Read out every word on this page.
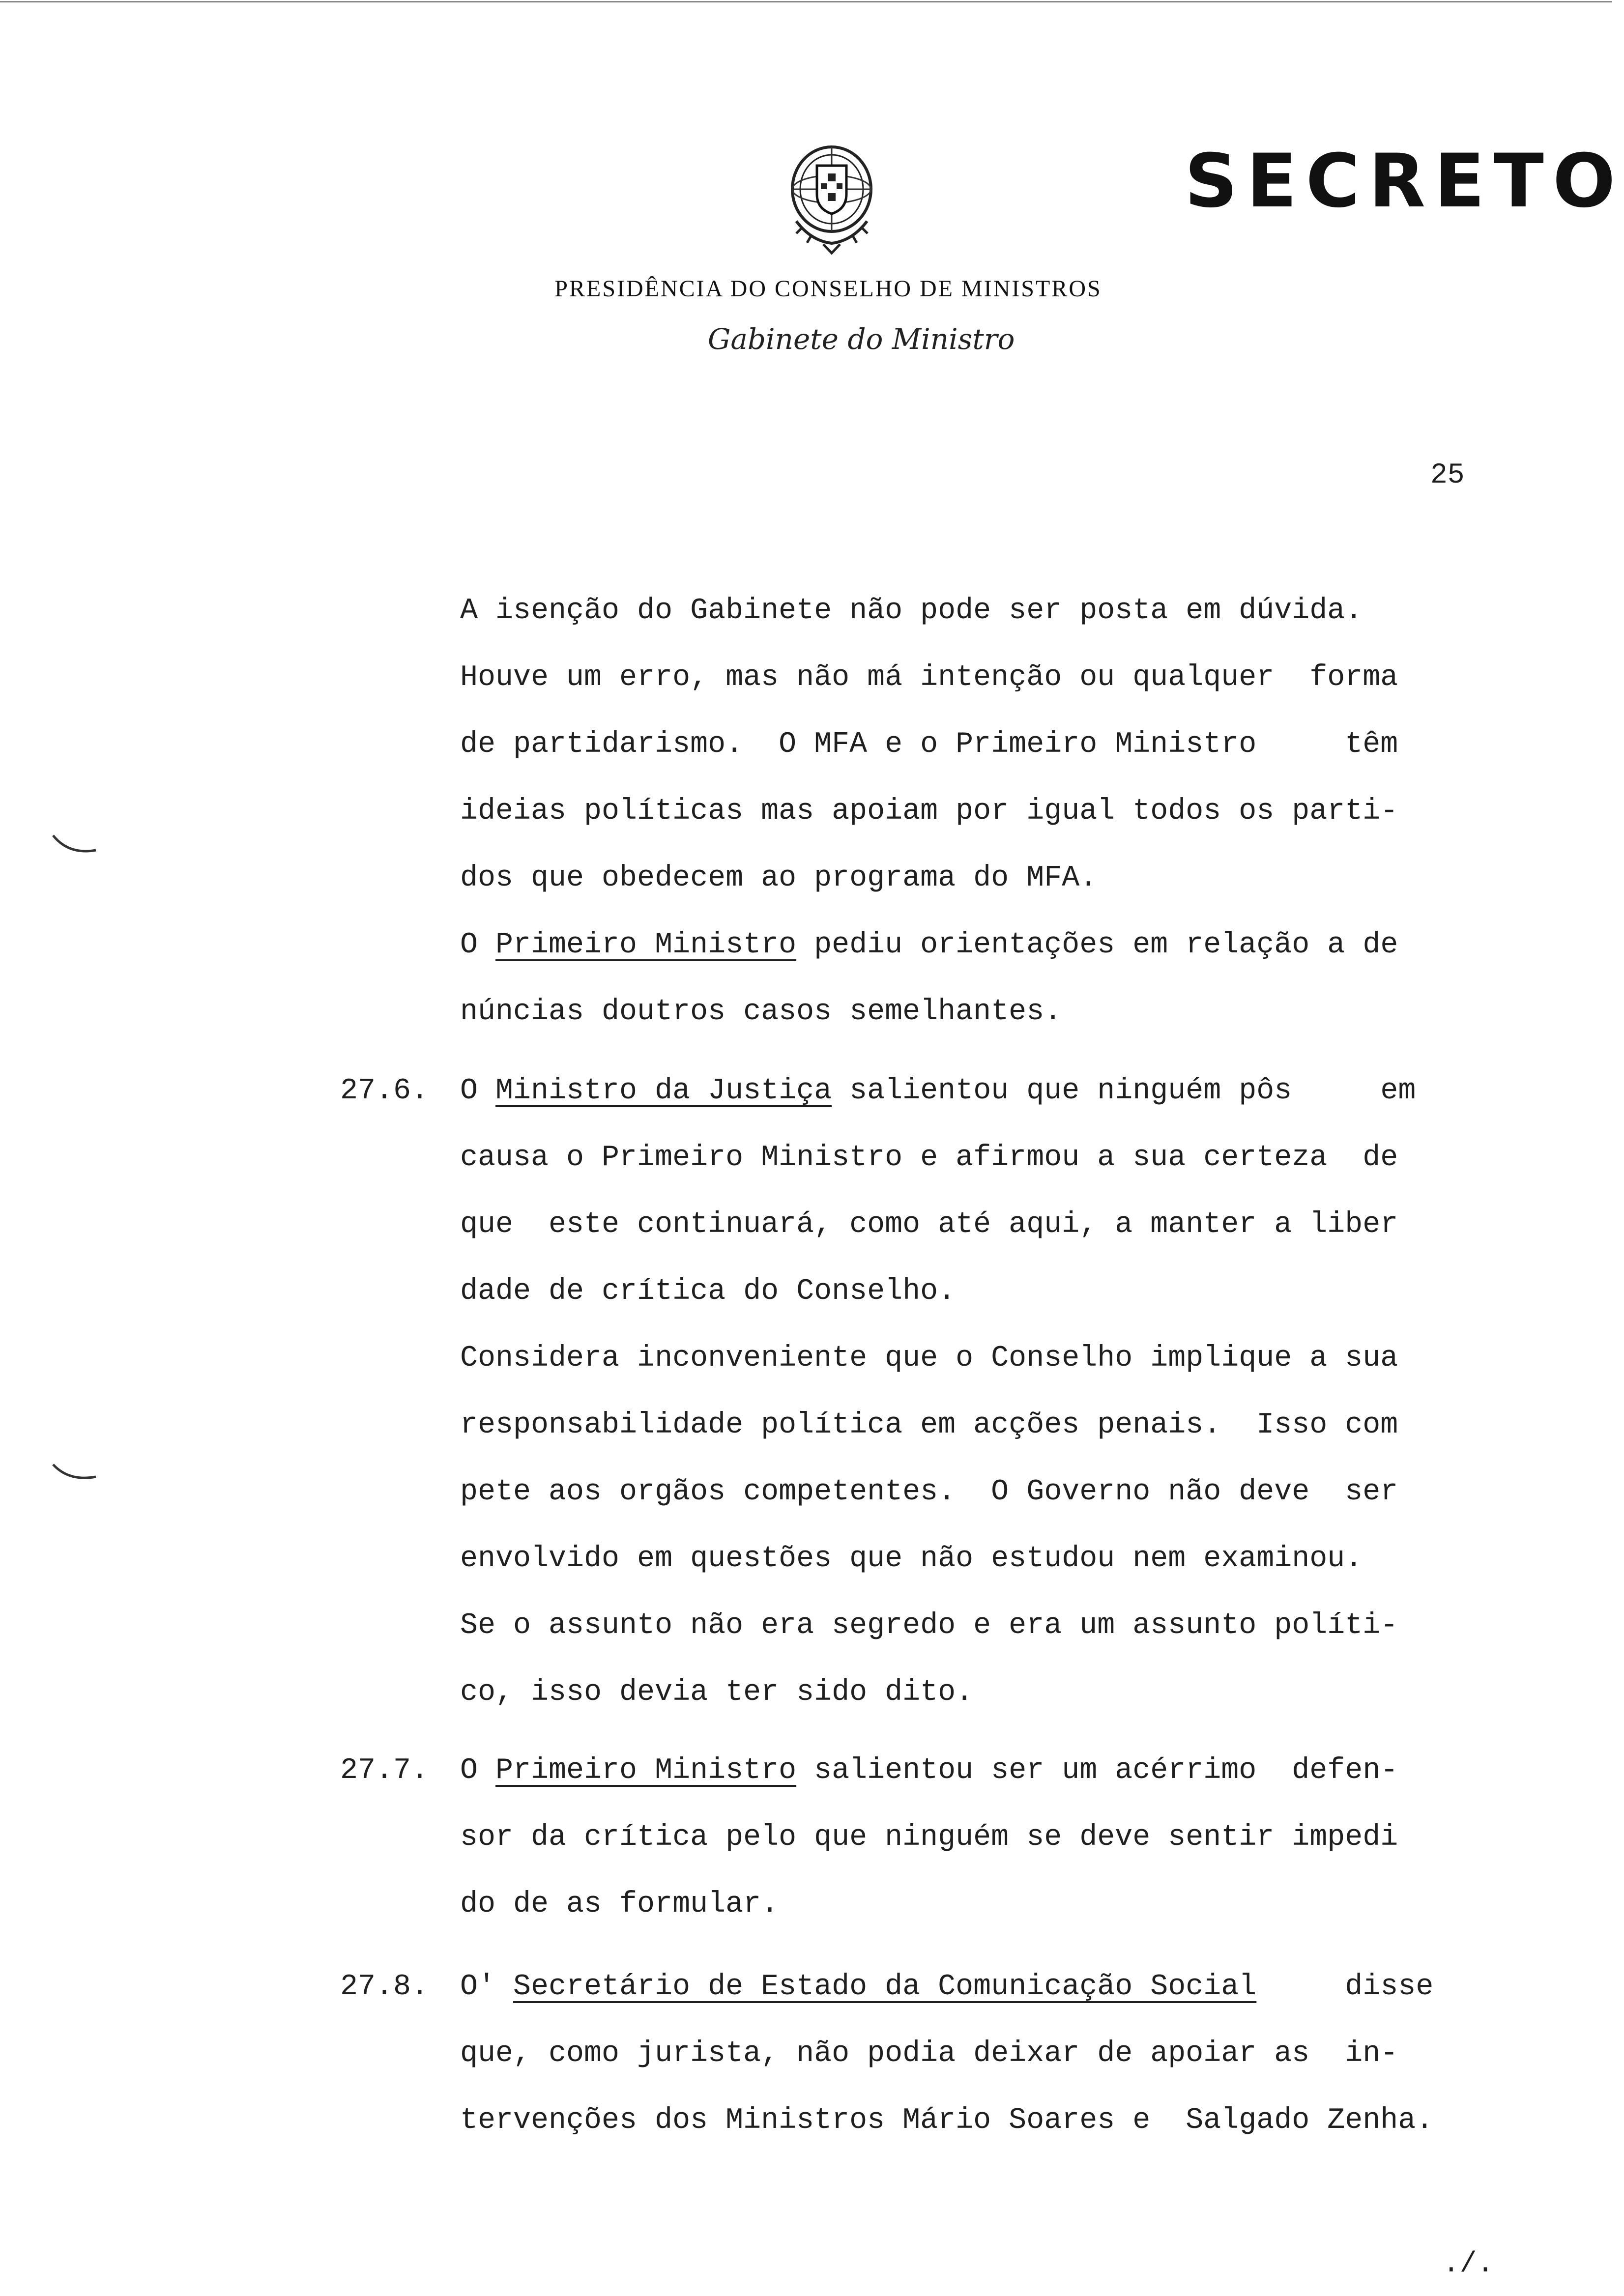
SECRETO
PRESIDÊNCIA DO CONSELHO DE MINISTROS
Gabinete do Ministro
25
A isenção do Gabinete não pode ser posta em dúvida.
Houve um erro, mas não má intenção ou qualquer  forma
de partidarismo.  O MFA e o Primeiro Ministro     têm
ideias políticas mas apoiam por igual todos os parti-
dos que obedecem ao programa do MFA.
O Primeiro Ministro pediu orientações em relação a de
núncias doutros casos semelhantes.
27.6. O Ministro da Justiça salientou que ninguém pôs     em
causa o Primeiro Ministro e afirmou a sua certeza  de
que  este continuará, como até aqui, a manter a liber
dade de crítica do Conselho.
Considera inconveniente que o Conselho implique a sua
responsabilidade política em acções penais.  Isso com
pete aos orgãos competentes.  O Governo não deve  ser
envolvido em questões que não estudou nem examinou.
Se o assunto não era segredo e era um assunto políti-
co, isso devia ter sido dito.
27.7. O Primeiro Ministro salientou ser um acérrimo  defen-
sor da crítica pelo que ninguém se deve sentir impedi
do de as formular.
27.8. O' Secretário de Estado da Comunicação Social     disse
que, como jurista, não podia deixar de apoiar as  in-
tervenções dos Ministros Mário Soares e  Salgado Zenha.
./.
